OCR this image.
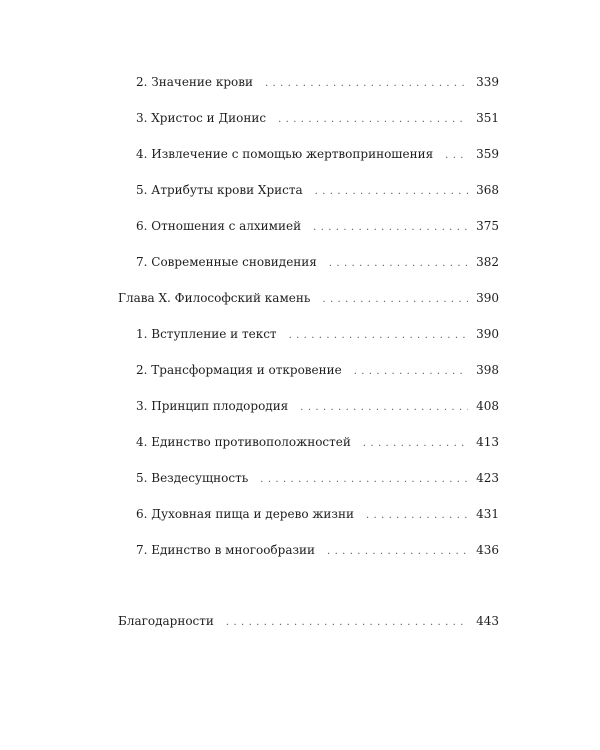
2. Значение крови . . .	339
3. Христос и Дионис . . .	351
4. Извлечение с помощью жертвоприношения . . .	359
5. Атрибуты крови Христа . . .	368
6. Отношения с алхимией . . .	375
7. Современные сновидения . . .	382
Глава X. Философский камень . . .	390
1. Вступление и текст . . .	390
2. Трансформация и откровение . . .	398
3. Принцип плодородия . . .	408
4. Единство противоположностей . . .	413
5. Вездесущность . . .	423
6. Духовная пища и дерево жизни . . .	431
7. Единство в многообразии . . .	436
Благодарности . . .	443
